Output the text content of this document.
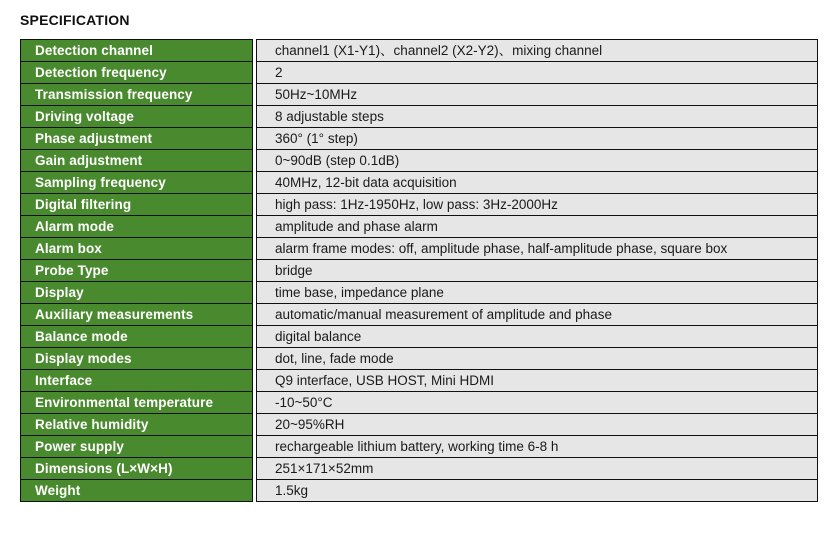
SPECIFICATION
Detection channel		channel1 (X1-Y1)、channel2 (X2-Y2)、mixing channel
Detection frequency		2
Transmission frequency		50Hz~10MHz
Driving voltage		8 adjustable steps
Phase adjustment		360° (1° step)
Gain adjustment		0~90dB (step 0.1dB)
Sampling frequency		40MHz, 12-bit data acquisition
Digital filtering		high pass: 1Hz-1950Hz, low pass: 3Hz-2000Hz
Alarm mode		amplitude and phase alarm
Alarm box		alarm frame modes: off, amplitude phase, half-amplitude phase, square box
Probe Type		bridge
Display		time base, impedance plane
Auxiliary measurements		automatic/manual measurement of amplitude and phase
Balance mode		digital balance
Display modes		dot, line, fade mode
Interface		Q9 interface, USB HOST, Mini HDMI
Environmental temperature		-10~50°C
Relative humidity		20~95%RH
Power supply		rechargeable lithium battery, working time 6-8 h
Dimensions (L×W×H)		251×171×52mm
Weight		1.5kg
